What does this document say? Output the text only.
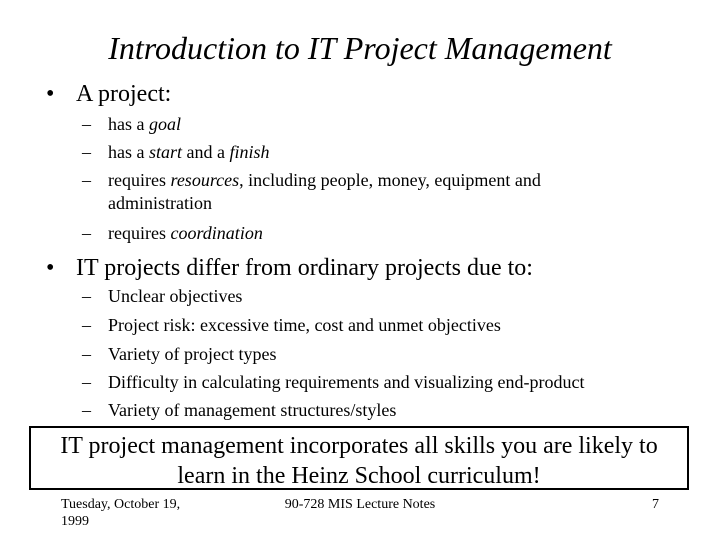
Introduction to IT Project Management
• A project:
– has a goal
– has a start and a finish
– requires resources, including people, money, equipment and
administration
– requires coordination
• IT projects differ from ordinary projects due to:
– Unclear objectives
– Project risk: excessive time, cost and unmet objectives
– Variety of project types
– Difficulty in calculating requirements and visualizing end-product
– Variety of management structures/styles
IT project management incorporates all skills you are likely to
learn in the Heinz School curriculum!
Tuesday, October 19,
1999
90-728 MIS Lecture Notes	7
